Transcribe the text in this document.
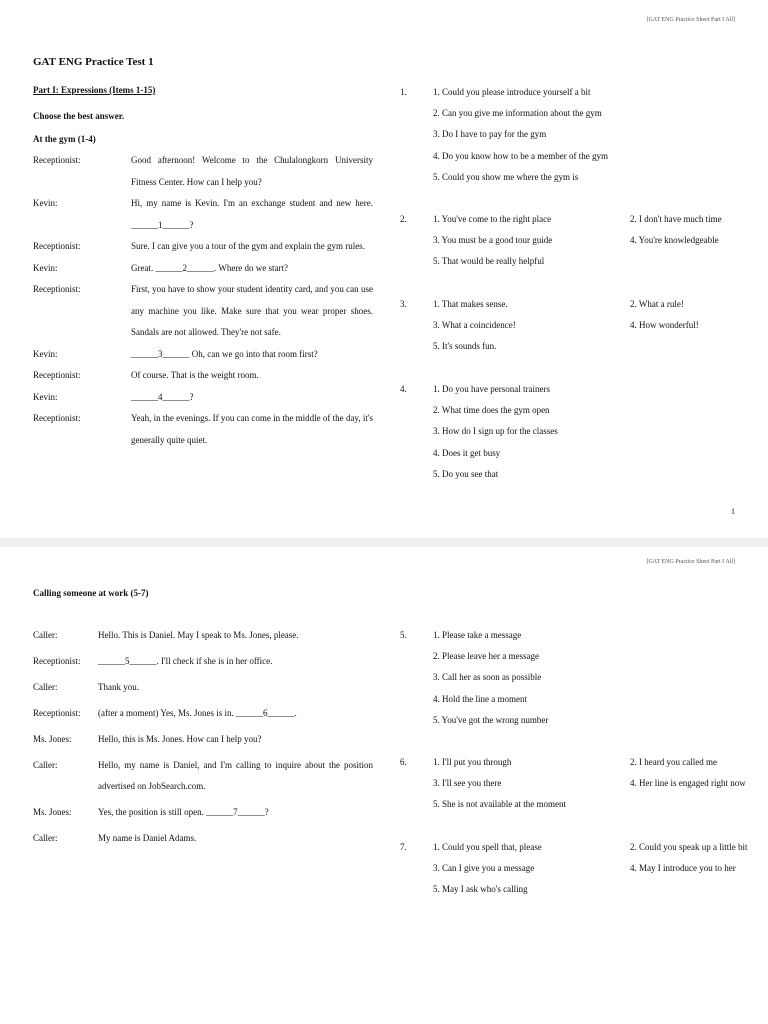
[GAT ENG Practice Sheet Part I All]
GAT ENG Practice Test 1
Part I: Expressions (Items 1-15)
Choose the best answer.
At the gym (1-4)
Receptionist:	Good afternoon! Welcome to the Chulalongkorn University Fitness Center. How can I help you?
Kevin:	Hi, my name is Kevin. I'm an exchange student and new here. ______1______?
Receptionist:	Sure. I can give you a tour of the gym and explain the gym rules.
Kevin:	Great. ______2______. Where do we start?
Receptionist:	First, you have to show your student identity card, and you can use any machine you like. Make sure that you wear proper shoes. Sandals are not allowed. They're not safe.
Kevin:	______3______ Oh, can we go into that room first?
Receptionist:	Of course. That is the weight room.
Kevin:	______4______?
Receptionist:	Yeah, in the evenings. If you can come in the middle of the day, it's generally quite quiet.
1.	1. Could you please introduce yourself a bit
2. Can you give me information about the gym
3. Do I have to pay for the gym
4. Do you know how to be a member of the gym
5. Could you show me where the gym is
2.	1. You've come to the right place	2. I don't have much time
3. You must be a good tour guide	4. You're knowledgeable
5. That would be really helpful
3.	1. That makes sense.	2. What a rule!
3. What a coincidence!	4. How wonderful!
5. It's sounds fun.
4.	1. Do you have personal trainers
2. What time does the gym open
3. How do I sign up for the classes
4. Does it get busy
5. Do you see that
1
[GAT ENG Practice Sheet Part I All]
Calling someone at work (5-7)
Caller:	Hello. This is Daniel. May I speak to Ms. Jones, please.
Receptionist:	______5______. I'll check if she is in her office.
Caller:	Thank you.
Receptionist:	(after a moment) Yes, Ms. Jones is in. ______6______.
Ms. Jones:	Hello, this is Ms. Jones. How can I help you?
Caller:	Hello, my name is Daniel, and I'm calling to inquire about the position advertised on JobSearch.com.
Ms. Jones:	Yes, the position is still open. ______7______?
Caller:	My name is Daniel Adams.
5.	1. Please take a message
2. Please leave her a message
3. Call her as soon as possible
4. Hold the line a moment
5. You've got the wrong number
6.	1. I'll put you through	2. I heard you called me
3. I'll see you there	4. Her line is engaged right now
5. She is not available at the moment
7.	1. Could you spell that, please	2. Could you speak up a little bit
3. Can I give you a message	4. May I introduce you to her
5. May I ask who's calling
